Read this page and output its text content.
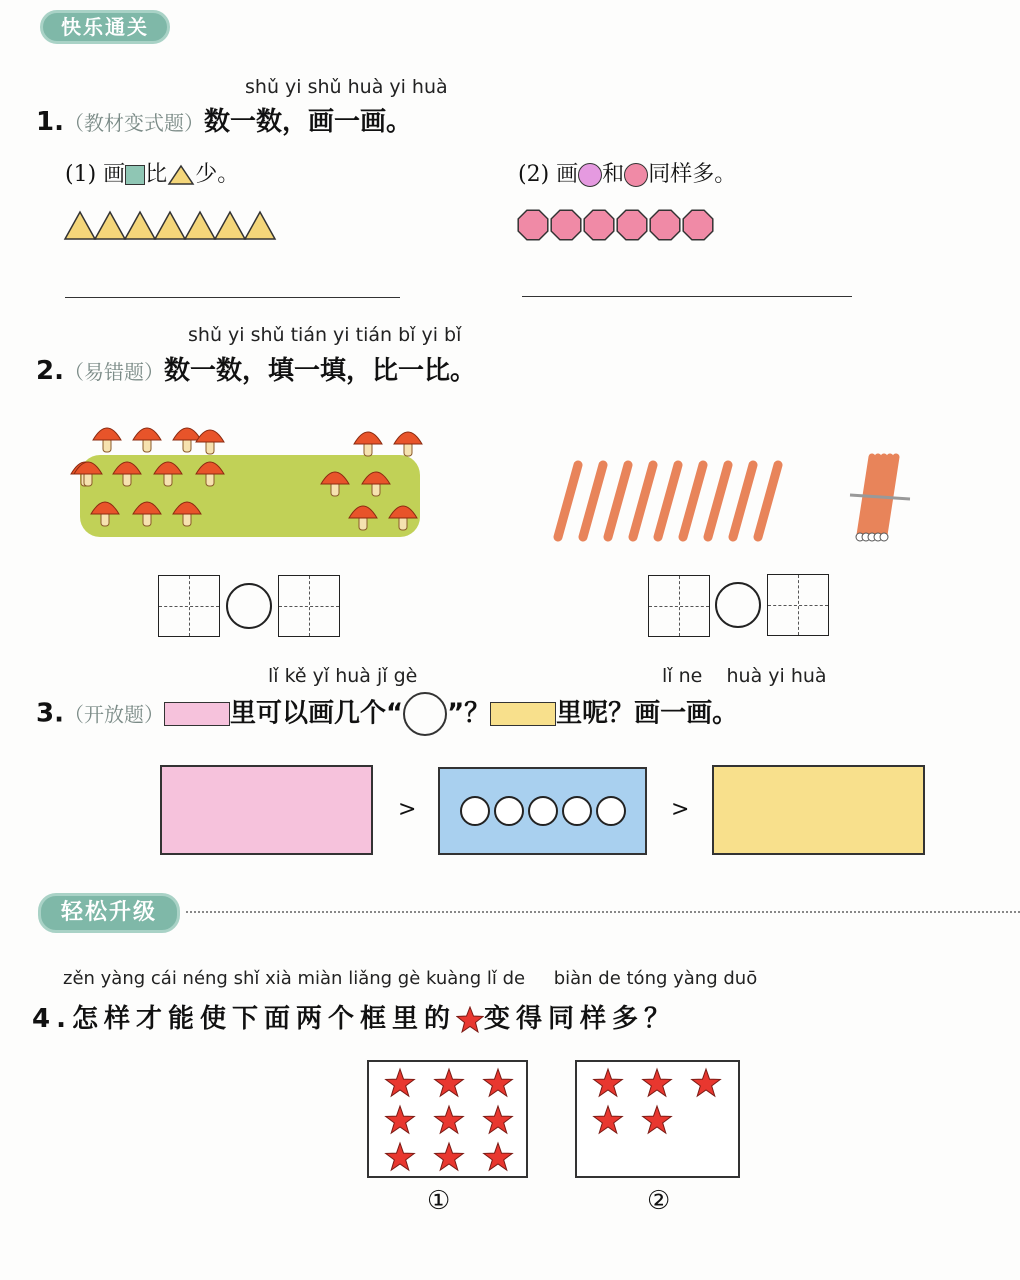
快乐通关
shǔ yi shǔ huà yi huà
1.（教材变式题）数一数，画一画。
(1) 画 比 少。	(2) 画 和 同样多。
shǔ yi shǔ tián yi tián bǐ yi bǐ
2.（易错题）数一数，填一填，比一比。
lǐ kě yǐ huà jǐ gè	lǐ ne    huà yi huà
3.（开放题）	里可以画几个“ ”？	里呢？画一画。
>	>
轻松升级
zěn yàng cái néng shǐ xià miàn liǎng gè kuàng lǐ de     biàn de tóng yàng duō
4.怎样才能使下面两个框里的 变得同样多？
①	②
